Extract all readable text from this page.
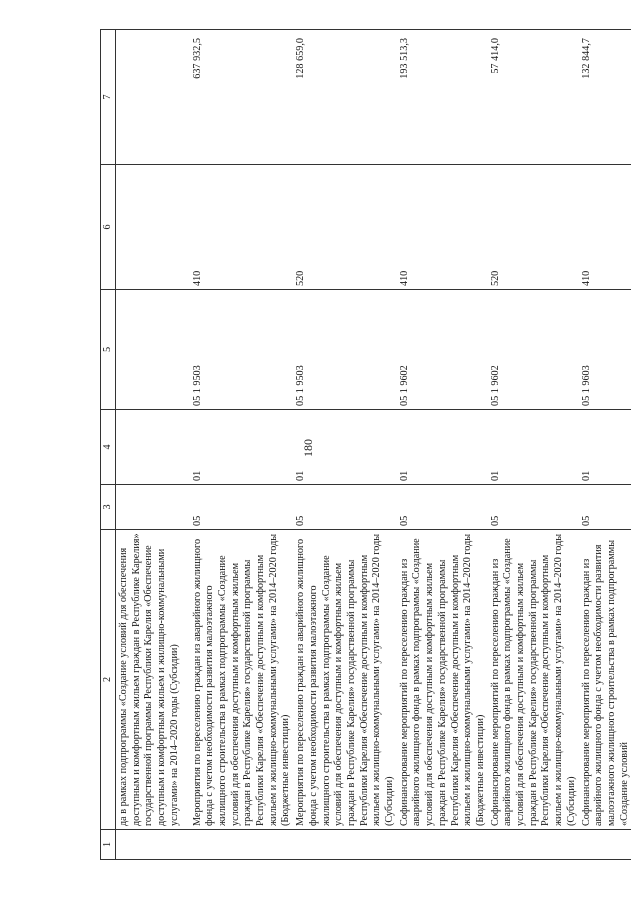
180
1	2	3	4	5	6	7
	да в рамках подпрограммы «Создание условий для обеспечения доступным и комфортным жильем граждан в Республике Карелия» государственной программы Республики Карелия «Обеспечение доступным и комфортным жильем и жилищно-коммунальными услугами» на 2014–2020 годы (Субсидии)					
	Мероприятия по переселению граждан из аварийного жилищного фонда с учетом необходимости развития малоэтажного жилищного строительства в рамках подпрограммы «Создание условий для обеспечения доступным и комфортным жильем граждан в Республике Карелия» государственной программы Республики Карелия «Обеспечение доступным и комфортным жильем и жилищно-коммунальными услугами» на 2014–2020 годы (Бюджетные инвестиции)	05	01	05 1 9503	410	637 932,5
	Мероприятия по переселению граждан из аварийного жилищного фонда с учетом необходимости развития малоэтажного жилищного строительства в рамках подпрограммы «Создание условий для обеспечения доступным и комфортным жильем граждан в Республике Карелия» государственной программы Республики Карелия «Обеспечение доступным и комфортным жильем и жилищно-коммунальными услугами» на 2014–2020 годы (Субсидии)	05	01	05 1 9503	520	128 659,0
	Софинансирование мероприятий по переселению граждан из аварийного жилищного фонда в рамках подпрограммы «Создание условий для обеспечения доступным и комфортным жильем граждан в Республике Карелия» государственной программы Республики Карелия «Обеспечение доступным и комфортным жильем и жилищно-коммунальными услугами» на 2014–2020 годы (Бюджетные инвестиции)	05	01	05 1 9602	410	193 513,3
	Софинансирование мероприятий по переселению граждан из аварийного жилищного фонда в рамках подпрограммы «Создание условий для обеспечения доступным и комфортным жильем граждан в Республике Карелия» государственной программы Республики Карелия «Обеспечение доступным и комфортным жильем и жилищно-коммунальными услугами» на 2014–2020 годы (Субсидии)	05	01	05 1 9602	520	57 414,0
	Софинансирование мероприятий по переселению граждан из аварийного жилищного фонда с учетом необходимости развития малоэтажного жилищного строительства в рамках подпрограммы «Создание условий	05	01	05 1 9603	410	132 844,7
